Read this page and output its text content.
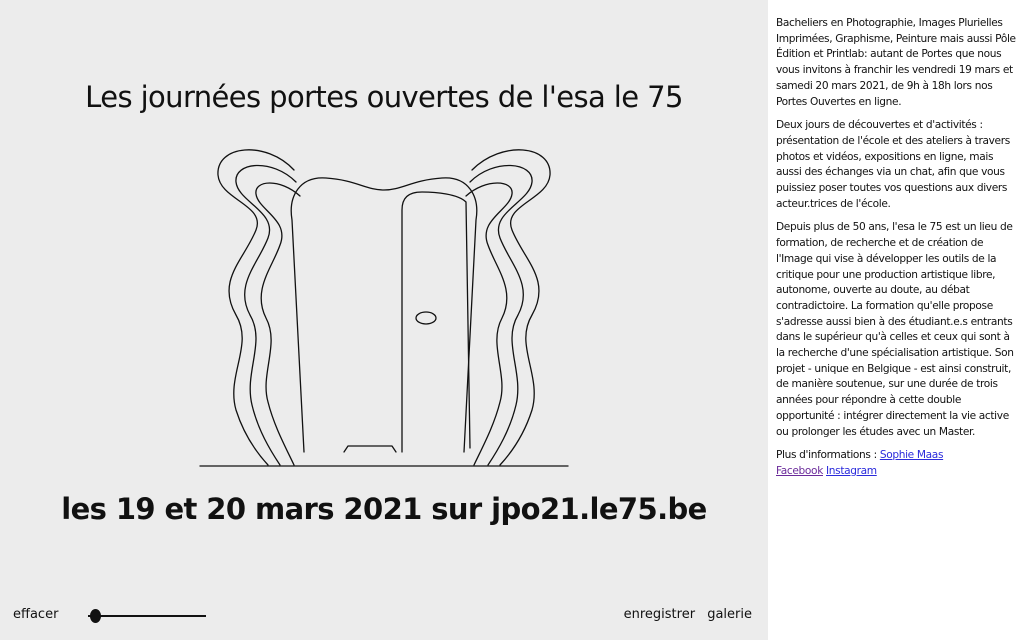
Les journées portes ouvertes de l'esa le 75
les 19 et 20 mars 2021 sur jpo21.le75.be
effacer	enregistrer galerie

Bacheliers en Photographie, Images Plurielles Imprimées, Graphisme, Peinture mais aussi Pôle Édition et Printlab: autant de Portes que nous vous invitons à franchir les vendredi 19 mars et samedi 20 mars 2021, de 9h à 18h lors nos Portes Ouvertes en ligne.

Deux jours de découvertes et d'activités : présentation de l'école et des ateliers à travers photos et vidéos, expositions en ligne, mais aussi des échanges via un chat, afin que vous puissiez poser toutes vos questions aux divers acteur.trices de l'école.

Depuis plus de 50 ans, l'esa le 75 est un lieu de formation, de recherche et de création de l'Image qui vise à développer les outils de la critique pour une production artistique libre, autonome, ouverte au doute, au débat contradictoire. La formation qu'elle propose s'adresse aussi bien à des étudiant.e.s entrants dans le supérieur qu'à celles et ceux qui sont à la recherche d'une spécialisation artistique. Son projet - unique en Belgique - est ainsi construit, de manière soutenue, sur une durée de trois années pour répondre à cette double opportunité : intégrer directement la vie active ou prolonger les études avec un Master.

Plus d'informations : Sophie Maas
Facebook Instagram
